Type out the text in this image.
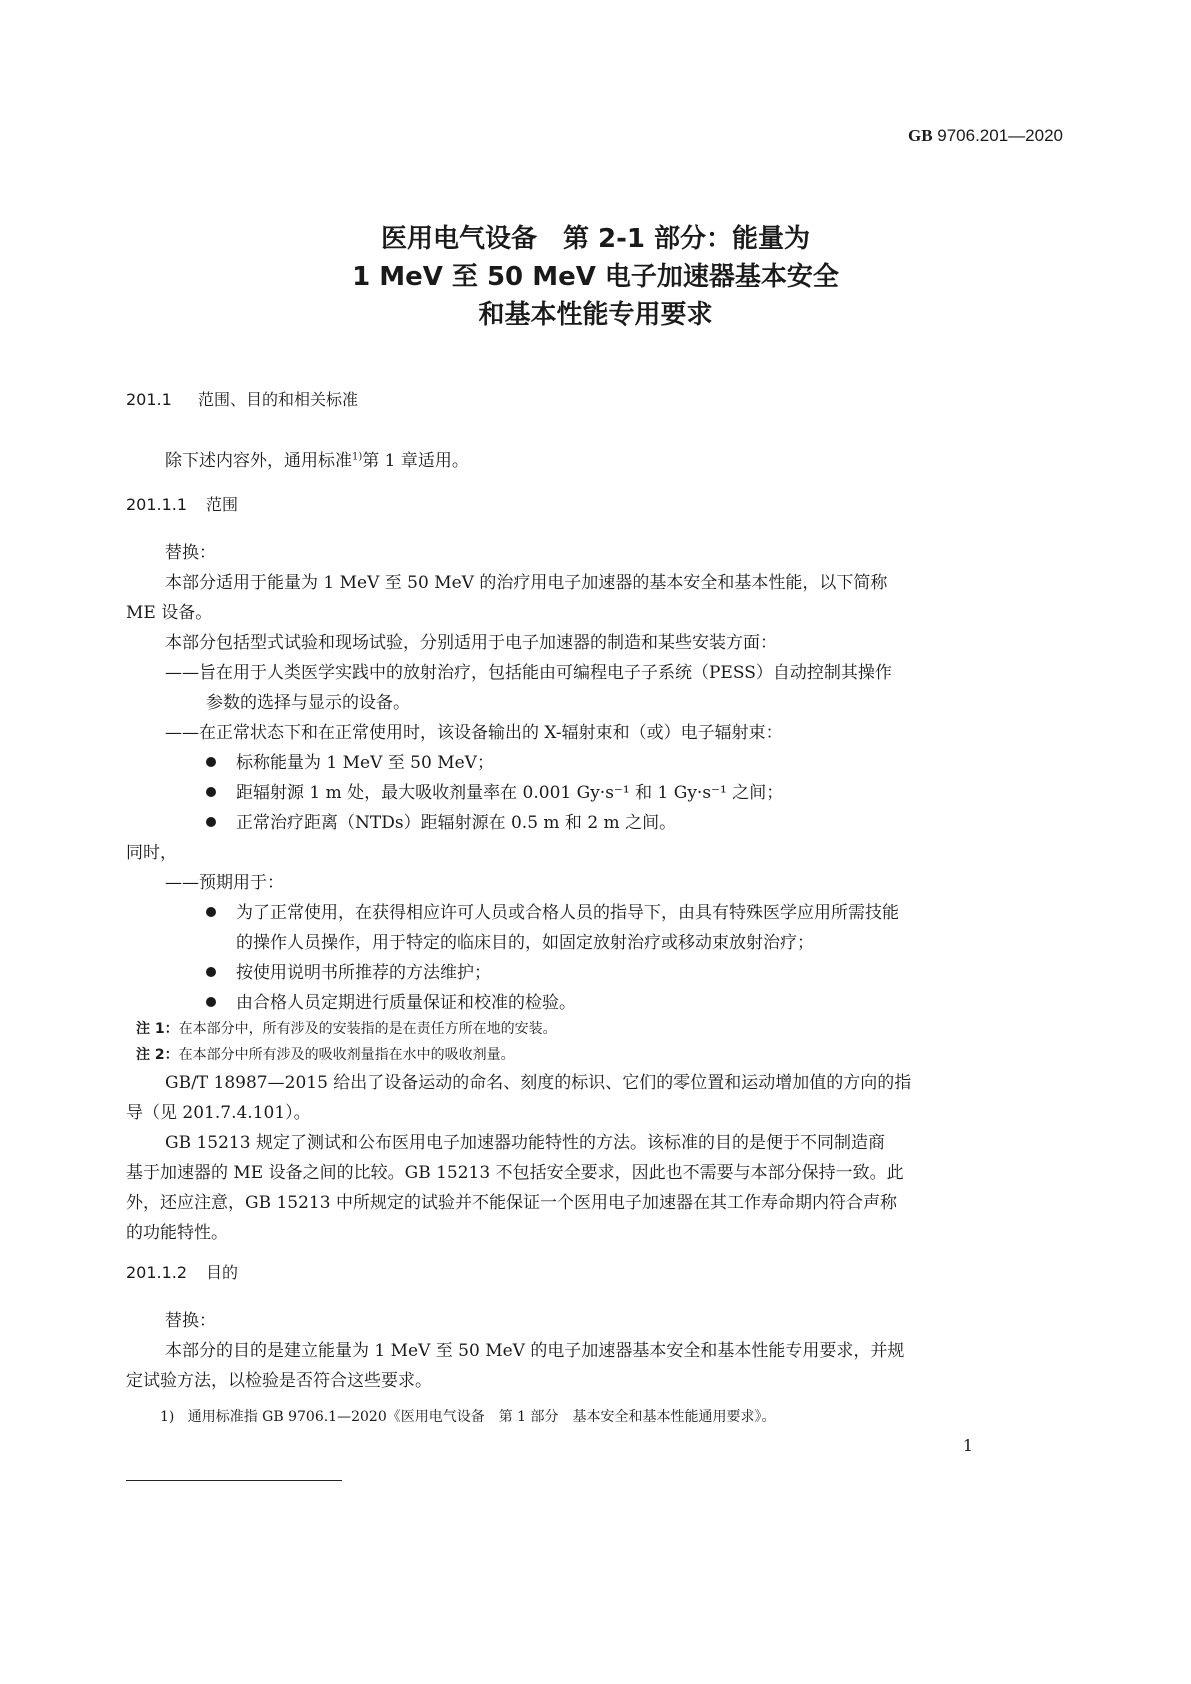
GB 9706.201—2020
医用电气设备　第 2-1 部分：能量为
1 MeV 至 50 MeV 电子加速器基本安全
和基本性能专用要求
201.1 范围、目的和相关标准
除下述内容外，通用标准$^{1)}$第 1 章适用。
201.1.1 范围
替换：
本部分适用于能量为 1 MeV 至 50 MeV 的治疗用电子加速器的基本安全和基本性能，以下简称
ME 设备。
本部分包括型式试验和现场试验，分别适用于电子加速器的制造和某些安装方面：
——旨在用于人类医学实践中的放射治疗，包括能由可编程电子子系统（PESS）自动控制其操作
参数的选择与显示的设备。
——在正常状态下和在正常使用时，该设备输出的 X-辐射束和（或）电子辐射束：
标称能量为 1 MeV 至 50 MeV；
距辐射源 1 m 处，最大吸收剂量率在 0.001 Gy·s⁻¹ 和 1 Gy·s⁻¹ 之间；
正常治疗距离（NTDs）距辐射源在 0.5 m 和 2 m 之间。
同时，
——预期用于：
为了正常使用，在获得相应许可人员或合格人员的指导下，由具有特殊医学应用所需技能
的操作人员操作，用于特定的临床目的，如固定放射治疗或移动束放射治疗；
按使用说明书所推荐的方法维护；
由合格人员定期进行质量保证和校准的检验。
注 1：在本部分中，所有涉及的安装指的是在责任方所在地的安装。
注 2：在本部分中所有涉及的吸收剂量指在水中的吸收剂量。
GB/T 18987—2015 给出了设备运动的命名、刻度的标识、它们的零位置和运动增加值的方向的指
导（见 201.7.4.101）。
GB 15213 规定了测试和公布医用电子加速器功能特性的方法。该标准的目的是便于不同制造商
基于加速器的 ME 设备之间的比较。GB 15213 不包括安全要求，因此也不需要与本部分保持一致。此
外，还应注意，GB 15213 中所规定的试验并不能保证一个医用电子加速器在其工作寿命期内符合声称
的功能特性。
201.1.2 目的
替换：
本部分的目的是建立能量为 1 MeV 至 50 MeV 的电子加速器基本安全和基本性能专用要求，并规
定试验方法，以检验是否符合这些要求。
1) 通用标准指 GB 9706.1—2020《医用电气设备　第 1 部分　基本安全和基本性能通用要求》。
1
